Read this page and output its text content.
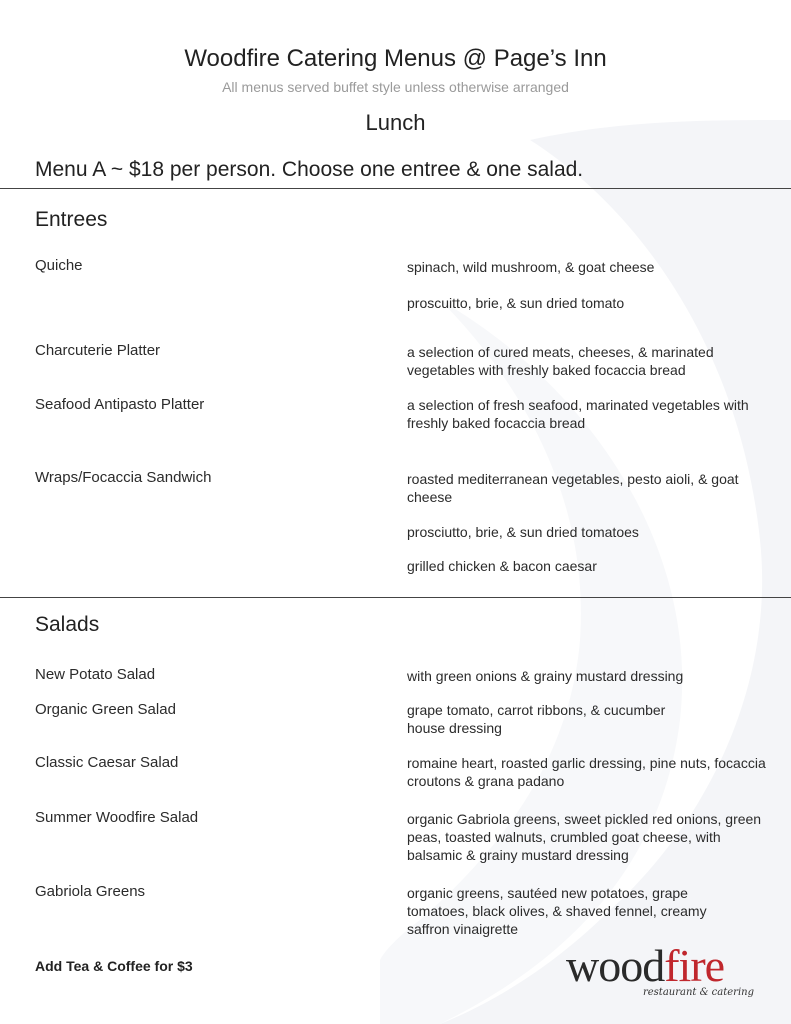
Woodfire Catering Menus @ Page’s Inn
All menus served buffet style unless otherwise arranged
Lunch
Menu A ~ $18 per person. Choose one entree & one salad.
Entrees
Quiche	spinach, wild mushroom, & goat cheese
proscuitto, brie, & sun dried tomato
Charcuterie Platter	a selection of cured meats, cheeses, & marinated vegetables with freshly baked focaccia bread
Seafood Antipasto Platter	a selection of fresh seafood, marinated vegetables with freshly baked focaccia bread
Wraps/Focaccia Sandwich	roasted mediterranean vegetables, pesto aioli, & goat cheese
prosciutto, brie, & sun dried tomatoes
grilled chicken & bacon caesar
Salads
New Potato Salad	with green onions & grainy mustard dressing
Organic Green Salad	grape tomato, carrot ribbons, & cucumber house dressing
Classic Caesar Salad	romaine heart, roasted garlic dressing, pine nuts, focaccia croutons & grana padano
Summer Woodfire Salad	organic Gabriola greens, sweet pickled red onions, green peas, toasted walnuts, crumbled goat cheese, with balsamic & grainy mustard dressing
Gabriola Greens	organic greens, sautéed new potatoes, grape tomatoes, black olives, & shaved fennel, creamy saffron vinaigrette
Add Tea & Coffee for $3	woodfire
restaurant & catering
